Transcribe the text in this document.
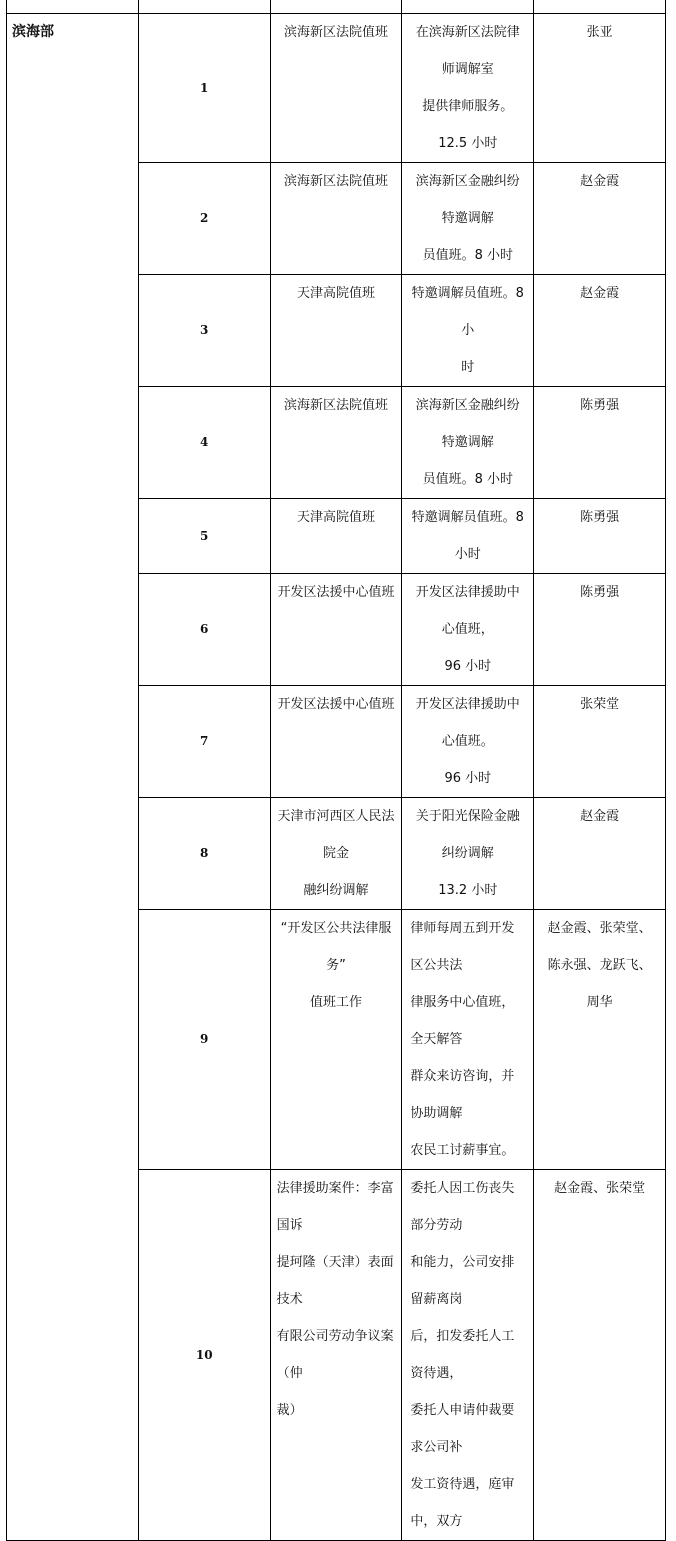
滨海部	1	滨海新区法院值班	在滨海新区法院律师调解室
提供律师服务。12.5 小时	张亚
	2	滨海新区法院值班	滨海新区金融纠纷特邀调解
员值班。8 小时	赵金霞
	3	天津高院值班	特邀调解员值班。8 小
时	赵金霞
	4	滨海新区法院值班	滨海新区金融纠纷特邀调解
员值班。8 小时	陈勇强
	5	天津高院值班	特邀调解员值班。8 小时	陈勇强
	6	开发区法援中心值班	开发区法律援助中心值班，
96 小时	陈勇强
	7	开发区法援中心值班	开发区法律援助中心值班。
96 小时	张荣堂
	8	天津市河西区人民法院金
融纠纷调解	关于阳光保险金融纠纷调解
13.2 小时	赵金霞
	9	“开发区公共法律服务”
值班工作	律师每周五到开发区公共法
律服务中心值班，全天解答
群众来访咨询，并协助调解
农民工讨薪事宜。	赵金霞、张荣堂、
陈永强、龙跃飞、
周华
	10	法律援助案件：李富国诉
提珂隆（天津）表面技术
有限公司劳动争议案（仲
裁）	委托人因工伤丧失部分劳动
和能力，公司安排留薪离岗
后，扣发委托人工资待遇，
委托人申请仲裁要求公司补
发工资待遇，庭审中，双方	赵金霞、张荣堂
